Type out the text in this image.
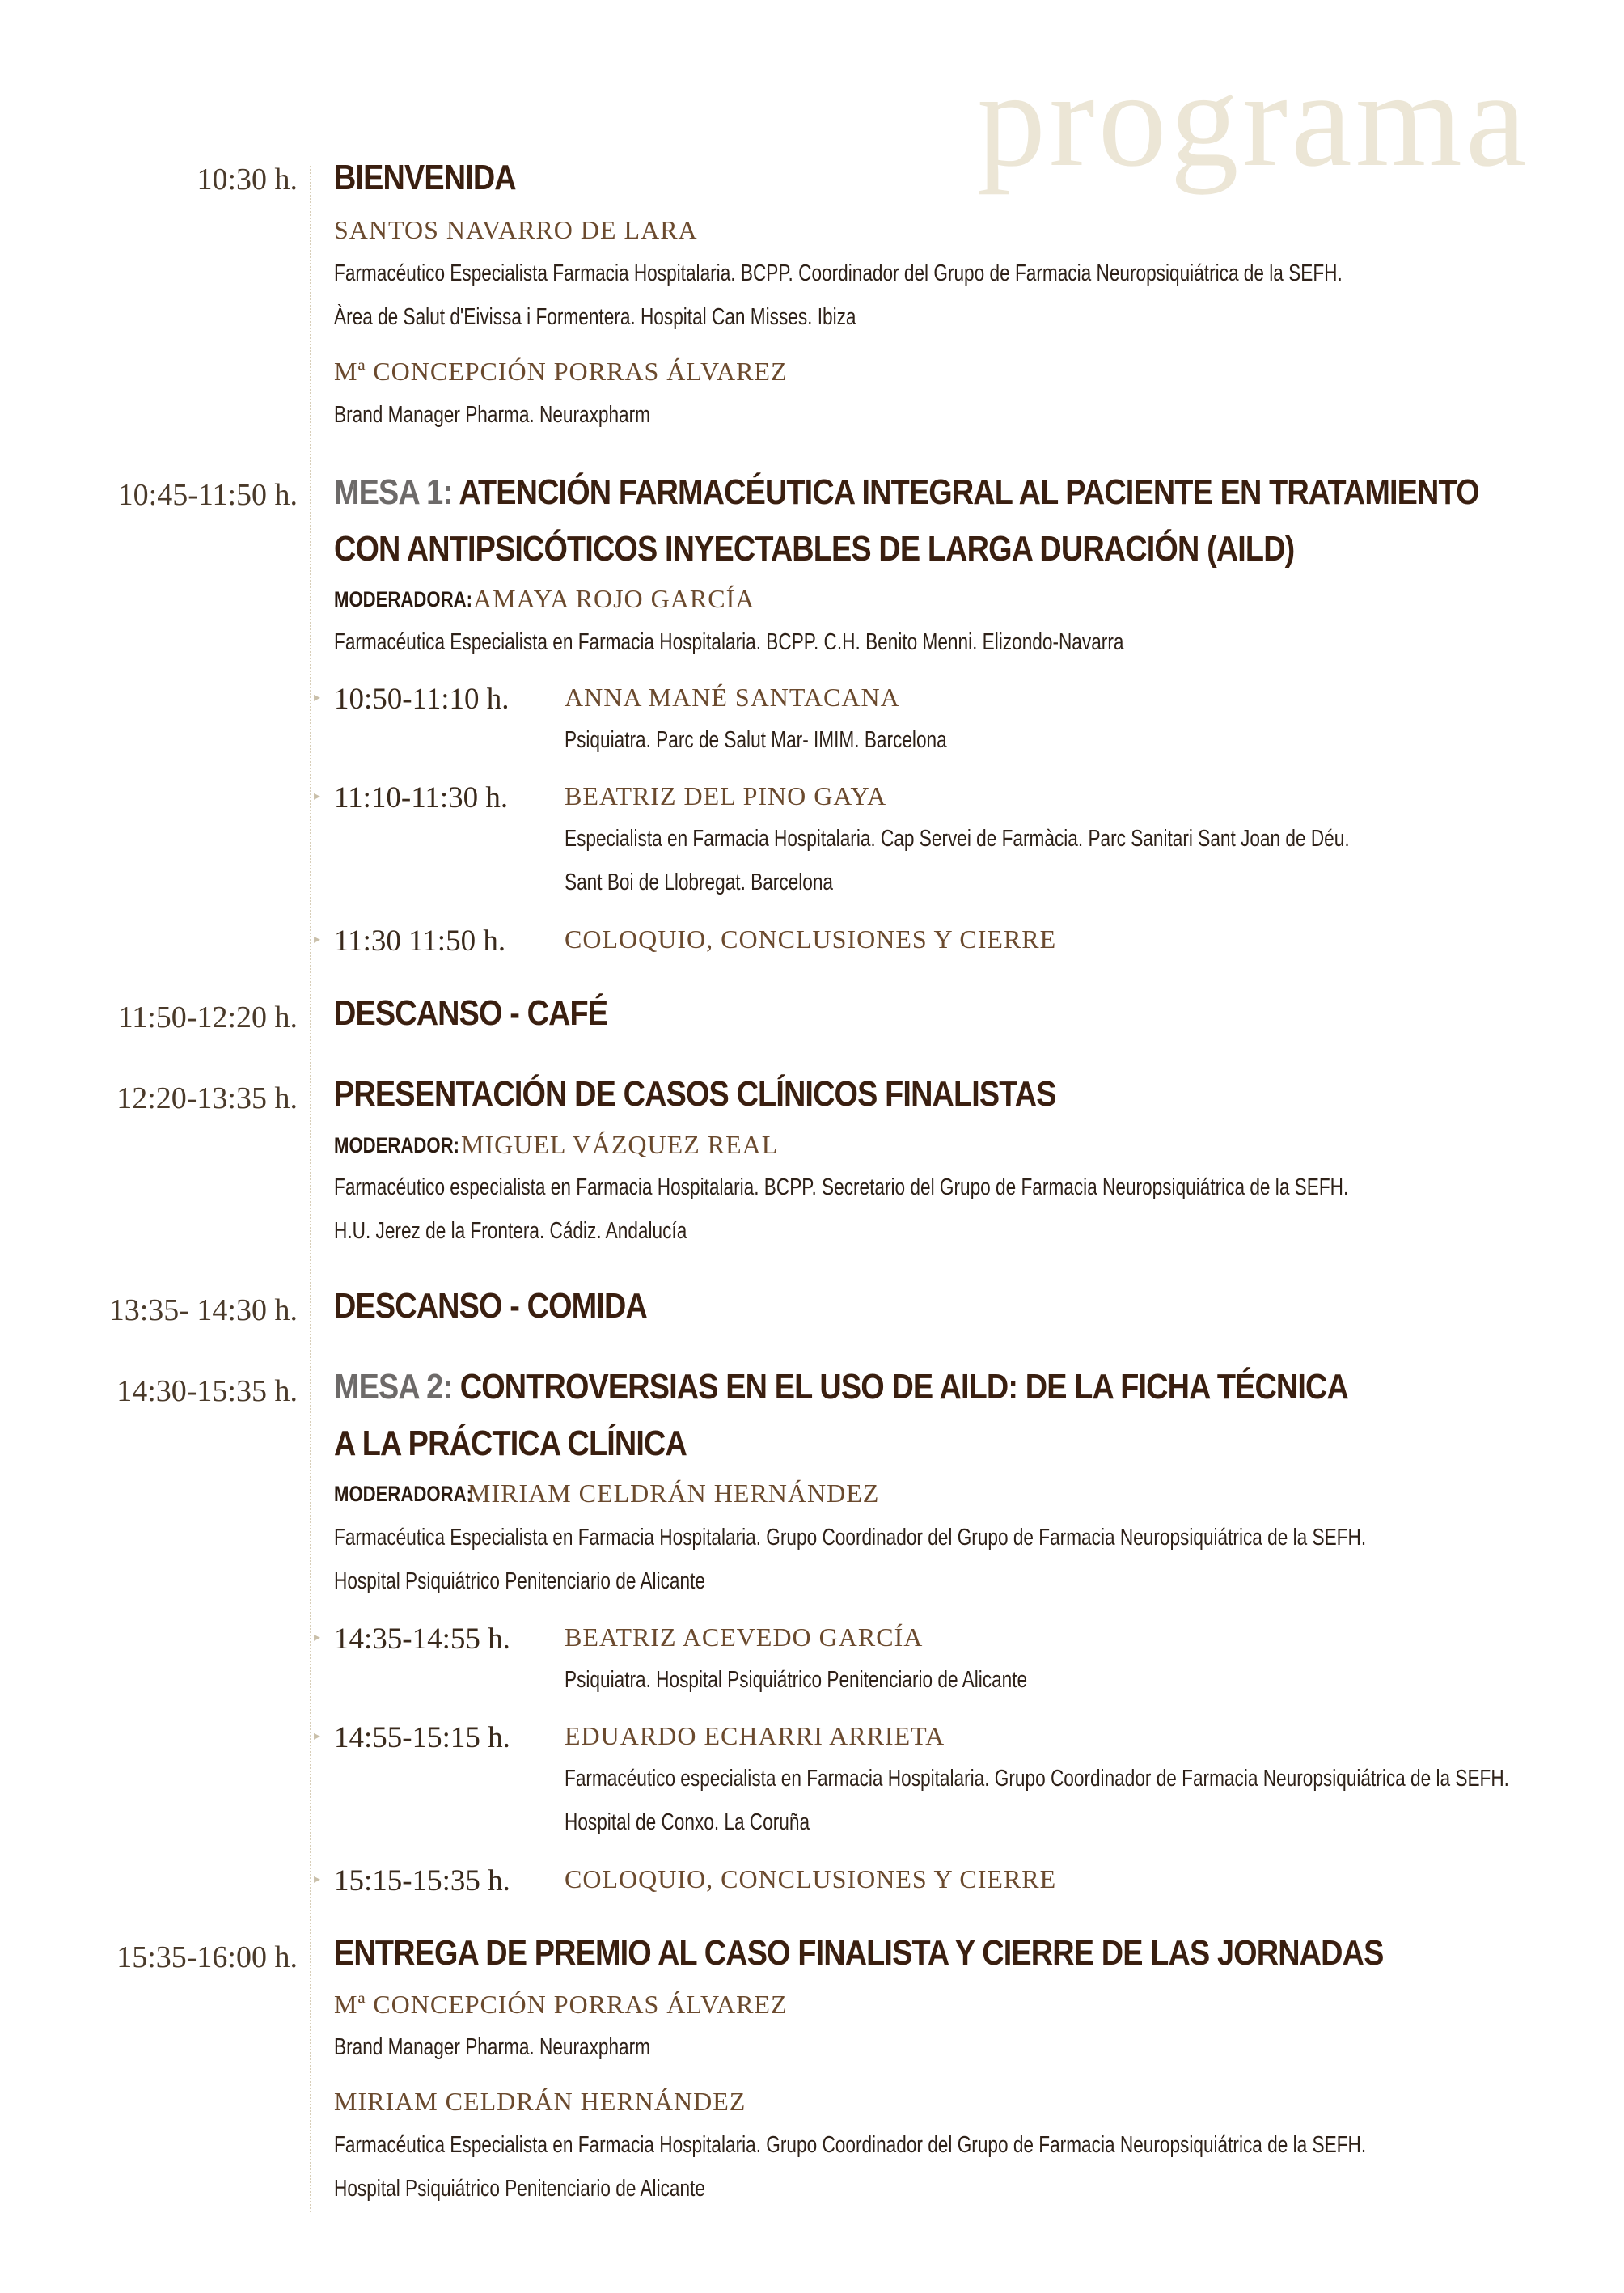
programa
10:30 h. BIENVENIDA
SANTOS NAVARRO DE LARA
Farmacéutico Especialista Farmacia Hospitalaria. BCPP. Coordinador del Grupo de Farmacia Neuropsiquiátrica de la SEFH.
Àrea de Salut d'Eivissa i Formentera. Hospital Can Misses. Ibiza
Mª CONCEPCIÓN PORRAS ÁLVAREZ
Brand Manager Pharma. Neuraxpharm
10:45-11:50 h. MESA 1: ATENCIÓN FARMACÉUTICA INTEGRAL AL PACIENTE EN TRATAMIENTO
CON ANTIPSICÓTICOS INYECTABLES DE LARGA DURACIÓN (AILD)
MODERADORA: AMAYA ROJO GARCÍA
Farmacéutica Especialista en Farmacia Hospitalaria. BCPP. C.H. Benito Menni. Elizondo-Navarra
▸ 10:50-11:10 h. ANNA MANÉ SANTACANA
Psiquiatra. Parc de Salut Mar- IMIM. Barcelona
▸ 11:10-11:30 h. BEATRIZ DEL PINO GAYA
Especialista en Farmacia Hospitalaria. Cap Servei de Farmàcia. Parc Sanitari Sant Joan de Déu.
Sant Boi de Llobregat. Barcelona
▸ 11:30 11:50 h. COLOQUIO, CONCLUSIONES Y CIERRE
11:50-12:20 h. DESCANSO - CAFÉ
12:20-13:35 h. PRESENTACIÓN DE CASOS CLÍNICOS FINALISTAS
MODERADOR: MIGUEL VÁZQUEZ REAL
Farmacéutico especialista en Farmacia Hospitalaria. BCPP. Secretario del Grupo de Farmacia Neuropsiquiátrica de la SEFH.
H.U. Jerez de la Frontera. Cádiz. Andalucía
13:35- 14:30 h. DESCANSO - COMIDA
14:30-15:35 h. MESA 2: CONTROVERSIAS EN EL USO DE AILD: DE LA FICHA TÉCNICA
A LA PRÁCTICA CLÍNICA
MODERADORA:
MIRIAM CELDRÁN HERNÁNDEZ
Farmacéutica Especialista en Farmacia Hospitalaria. Grupo Coordinador del Grupo de Farmacia Neuropsiquiátrica de la SEFH.
Hospital Psiquiátrico Penitenciario de Alicante
▸ 14:35-14:55 h. BEATRIZ ACEVEDO GARCÍA
Psiquiatra. Hospital Psiquiátrico Penitenciario de Alicante
▸ 14:55-15:15 h. EDUARDO ECHARRI ARRIETA
Farmacéutico especialista en Farmacia Hospitalaria. Grupo Coordinador de Farmacia Neuropsiquiátrica de la SEFH.
Hospital de Conxo. La Coruña
▸ 15:15-15:35 h. COLOQUIO, CONCLUSIONES Y CIERRE
15:35-16:00 h. ENTREGA DE PREMIO AL CASO FINALISTA Y CIERRE DE LAS JORNADAS
Mª CONCEPCIÓN PORRAS ÁLVAREZ
Brand Manager Pharma. Neuraxpharm
MIRIAM CELDRÁN HERNÁNDEZ
Farmacéutica Especialista en Farmacia Hospitalaria. Grupo Coordinador del Grupo de Farmacia Neuropsiquiátrica de la SEFH.
Hospital Psiquiátrico Penitenciario de Alicante
